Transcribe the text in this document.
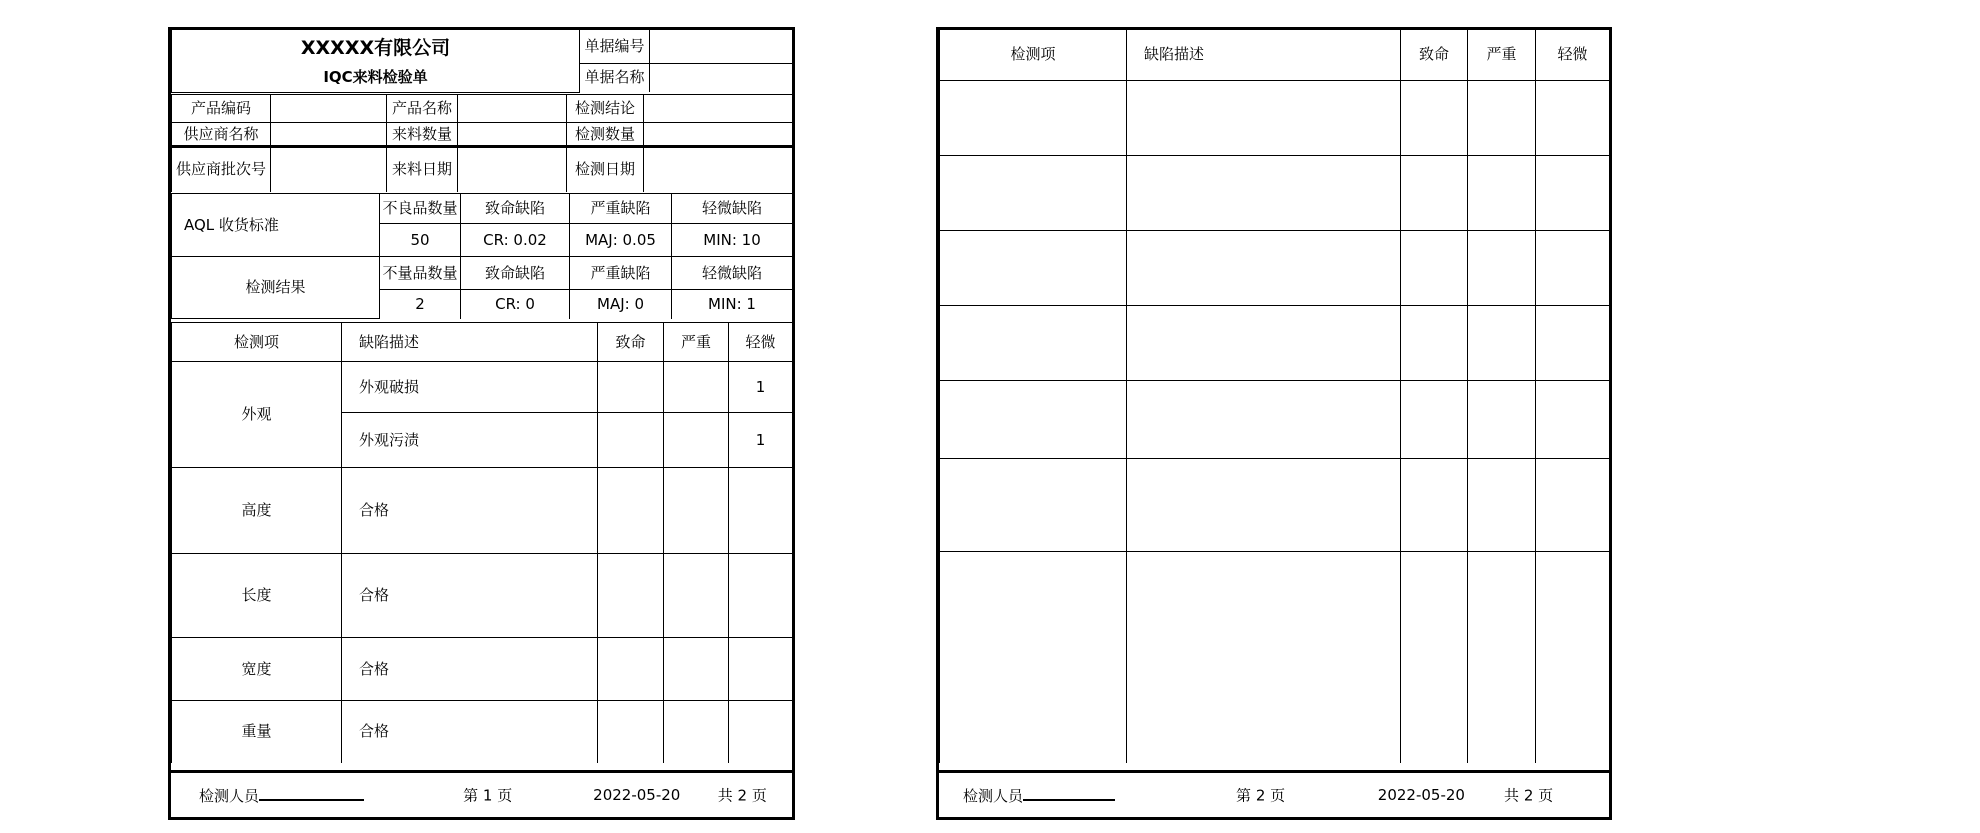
XXXXX有限公司
IQC来料检验单	单据编号	
	单据名称	
产品编码		产品名称		检测结论	
供应商名称		来料数量		检测数量	
供应商批次号		来料日期		检测日期	
AQL 收货标准	不良品数量	致命缺陷	严重缺陷	轻微缺陷
	50	CR: 0.02	MAJ: 0.05	MIN: 10
检测结果	不量品数量	致命缺陷	严重缺陷	轻微缺陷
	2	CR: 0	MAJ: 0	MIN: 1
检测项	缺陷描述	致命	严重	轻微
外观	外观破损			1
	外观污渍			1
高度	合格			
长度	合格			
宽度	合格			
重量	合格			
检测人员	第 1 页	2022-05-20 共 2 页
检测项	缺陷描述	致命	严重	轻微

检测人员	第 2 页	2022-05-20	共 2 页
